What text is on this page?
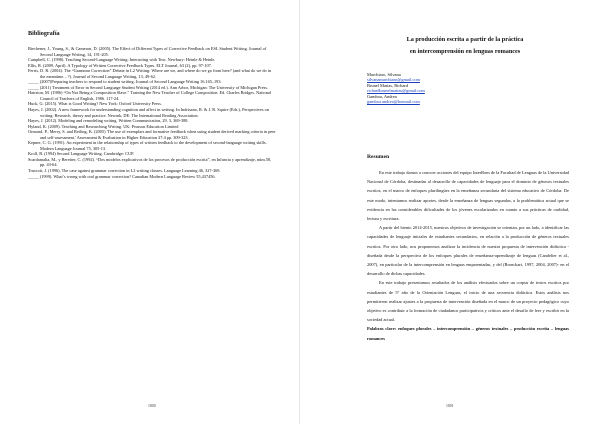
Bibliografía

Biechener, J., Young, S., & Cameron, D. (2005). The Effect of Different Types of Corrective Feedback on ESL Student Writing. Journal of Second Language Writing, 14, 191-205.

Campbell, C. (1998). Teaching Second-Language Writing: Interacting with Text. Newbury: Heinle & Heinle.

Ellis, R. (2009, April). A Typology of Written Corrective Feedback Types. ELT Journal, 63 (2), pp. 97-107.

Ferris, D. R. (2004). The “Grammar Correction” Debate in L2 Writing: Where are we, and where do we go from here? (and what do we do in the meantime…?). Journal of Second Language Writing, 13, 49-62.

_____ (2007)Preparing teachers to respond to student writing. Journal of Second Language Writing 16,165–193.

_____ (2011) Treatment of Error in Second Language Student Writing (2014 ed.). Ann Arbor, Michigan: The University of Michigan Press.

Hairston, M. (1986) “On Not Being a Composition Slave.” Training the New Teacher of College Composition. Ed. Charles Bridges. National Council of Teachers of English, 1986. 117-24.

Huck, G. (2015). What is Good Writing? New York: Oxford University Press.

Hayes, J. (2002). A new framework for understanding cognition and affect in writing. In Indrisano, R. & J. R. Squire (Eds.), Perspectives on writing: Research, theory and practice. Newark, DE: The International Reading Association.

Hayes, J. (2012). Modeling and remodeling writing. Written Communication, 29, 3, 369-388.

Hyland, K. (2009). Teaching and Researching Writing. UK: Pearson Education Limited

Ormond, P., Merry, S. and Reiling, K. (2005) 'The use of exemplars and formative feedback when using student derived marking criteria in peer and self-assessment.' Assessment & Evaluation in Higher Education 27:4 pp. 309-323.

Kepner, C. G. (1991). An experiment in the relationship of types of written feedback to the development of second-language writing skills. Modern Language Journal 75, 305-13.

Kroll, B. (1994) Second Language Writing. Cambridge: CUP.

Scardamalia, M., y Bereiter, C. (1992). “Dos modelos explicativos de los procesos de producción escrita”, en Infancia y aprendizaje, núm.58, pp. 43-64.

Truscott, J. (1996). The case against grammar correction in L2 writing classes. Language Learning 46, 327-369.

_____ (1999). What’s wrong with oral grammar correction? Canadian Modern Language Review 55,437456.

1000
La producción escrita a partir de la práctica
en intercomprensión en lenguas romances
Marchiaro, Silvana
silvanamarchiaro@gmail.com
Brunel Matias, Richard
richardbrunelmatias@gmail.com
Gamboa, Andrea
gamboa.andrea@hotmail.com
Resumen

En este trabajo damos a conocer acciones del equipo InterRom de la Facultad de Lenguas de la Universidad Nacional de Córdoba, destinadas al desarrollo de capacidades de lenguaje para el dominio de géneros textuales escritos, en el marco de enfoques plurilingües en la enseñanza secundaria del sistema educativo de Córdoba. De este modo, intentamos realizar aportes, desde la enseñanza de lenguas segundas, a la problemática actual que se evidencia en las considerables dificultades de los jóvenes escolarizados en cuanto a sus prácticas de oralidad, lectura y escritura.

A partir del bienio 2014-2015, nuestros objetivos de investigación se orientan, por un lado, a identificar las capacidades de lenguaje iniciales de estudiantes secundarios, en relación a la producción de géneros textuales escritos. Por otro lado, nos proponemos analizar la incidencia de nuestra propuesta de intervención didáctica -diseñada desde la perspectiva de los enfoques plurales de enseñanza-aprendizaje de lenguas (Candelier et al., 2007), en particular de la intercomprensión en lenguas emparentadas, y del (Bronckart, 1997, 2004, 2007)- en el desarrollo de dichas capacidades.

En este trabajo presentamos resultados de los análisis efectuados sobre un corpus de textos escritos por estudiantes de 5° año de la Orientación Lenguas, el inicio de una secuencia didáctica. Estos análisis nos permitieron realizar ajustes a la propuesta de intervención diseñada en el marco de un proyecto pedagógico cuyo objetivo es contribuir a la formación de ciudadanos participativos y críticos ante el desafío de leer y escribir en la sociedad actual.

Palabras clave: enfoques plurales – intercomprensión – géneros textuales – producción escrita – lenguas romances

1001
